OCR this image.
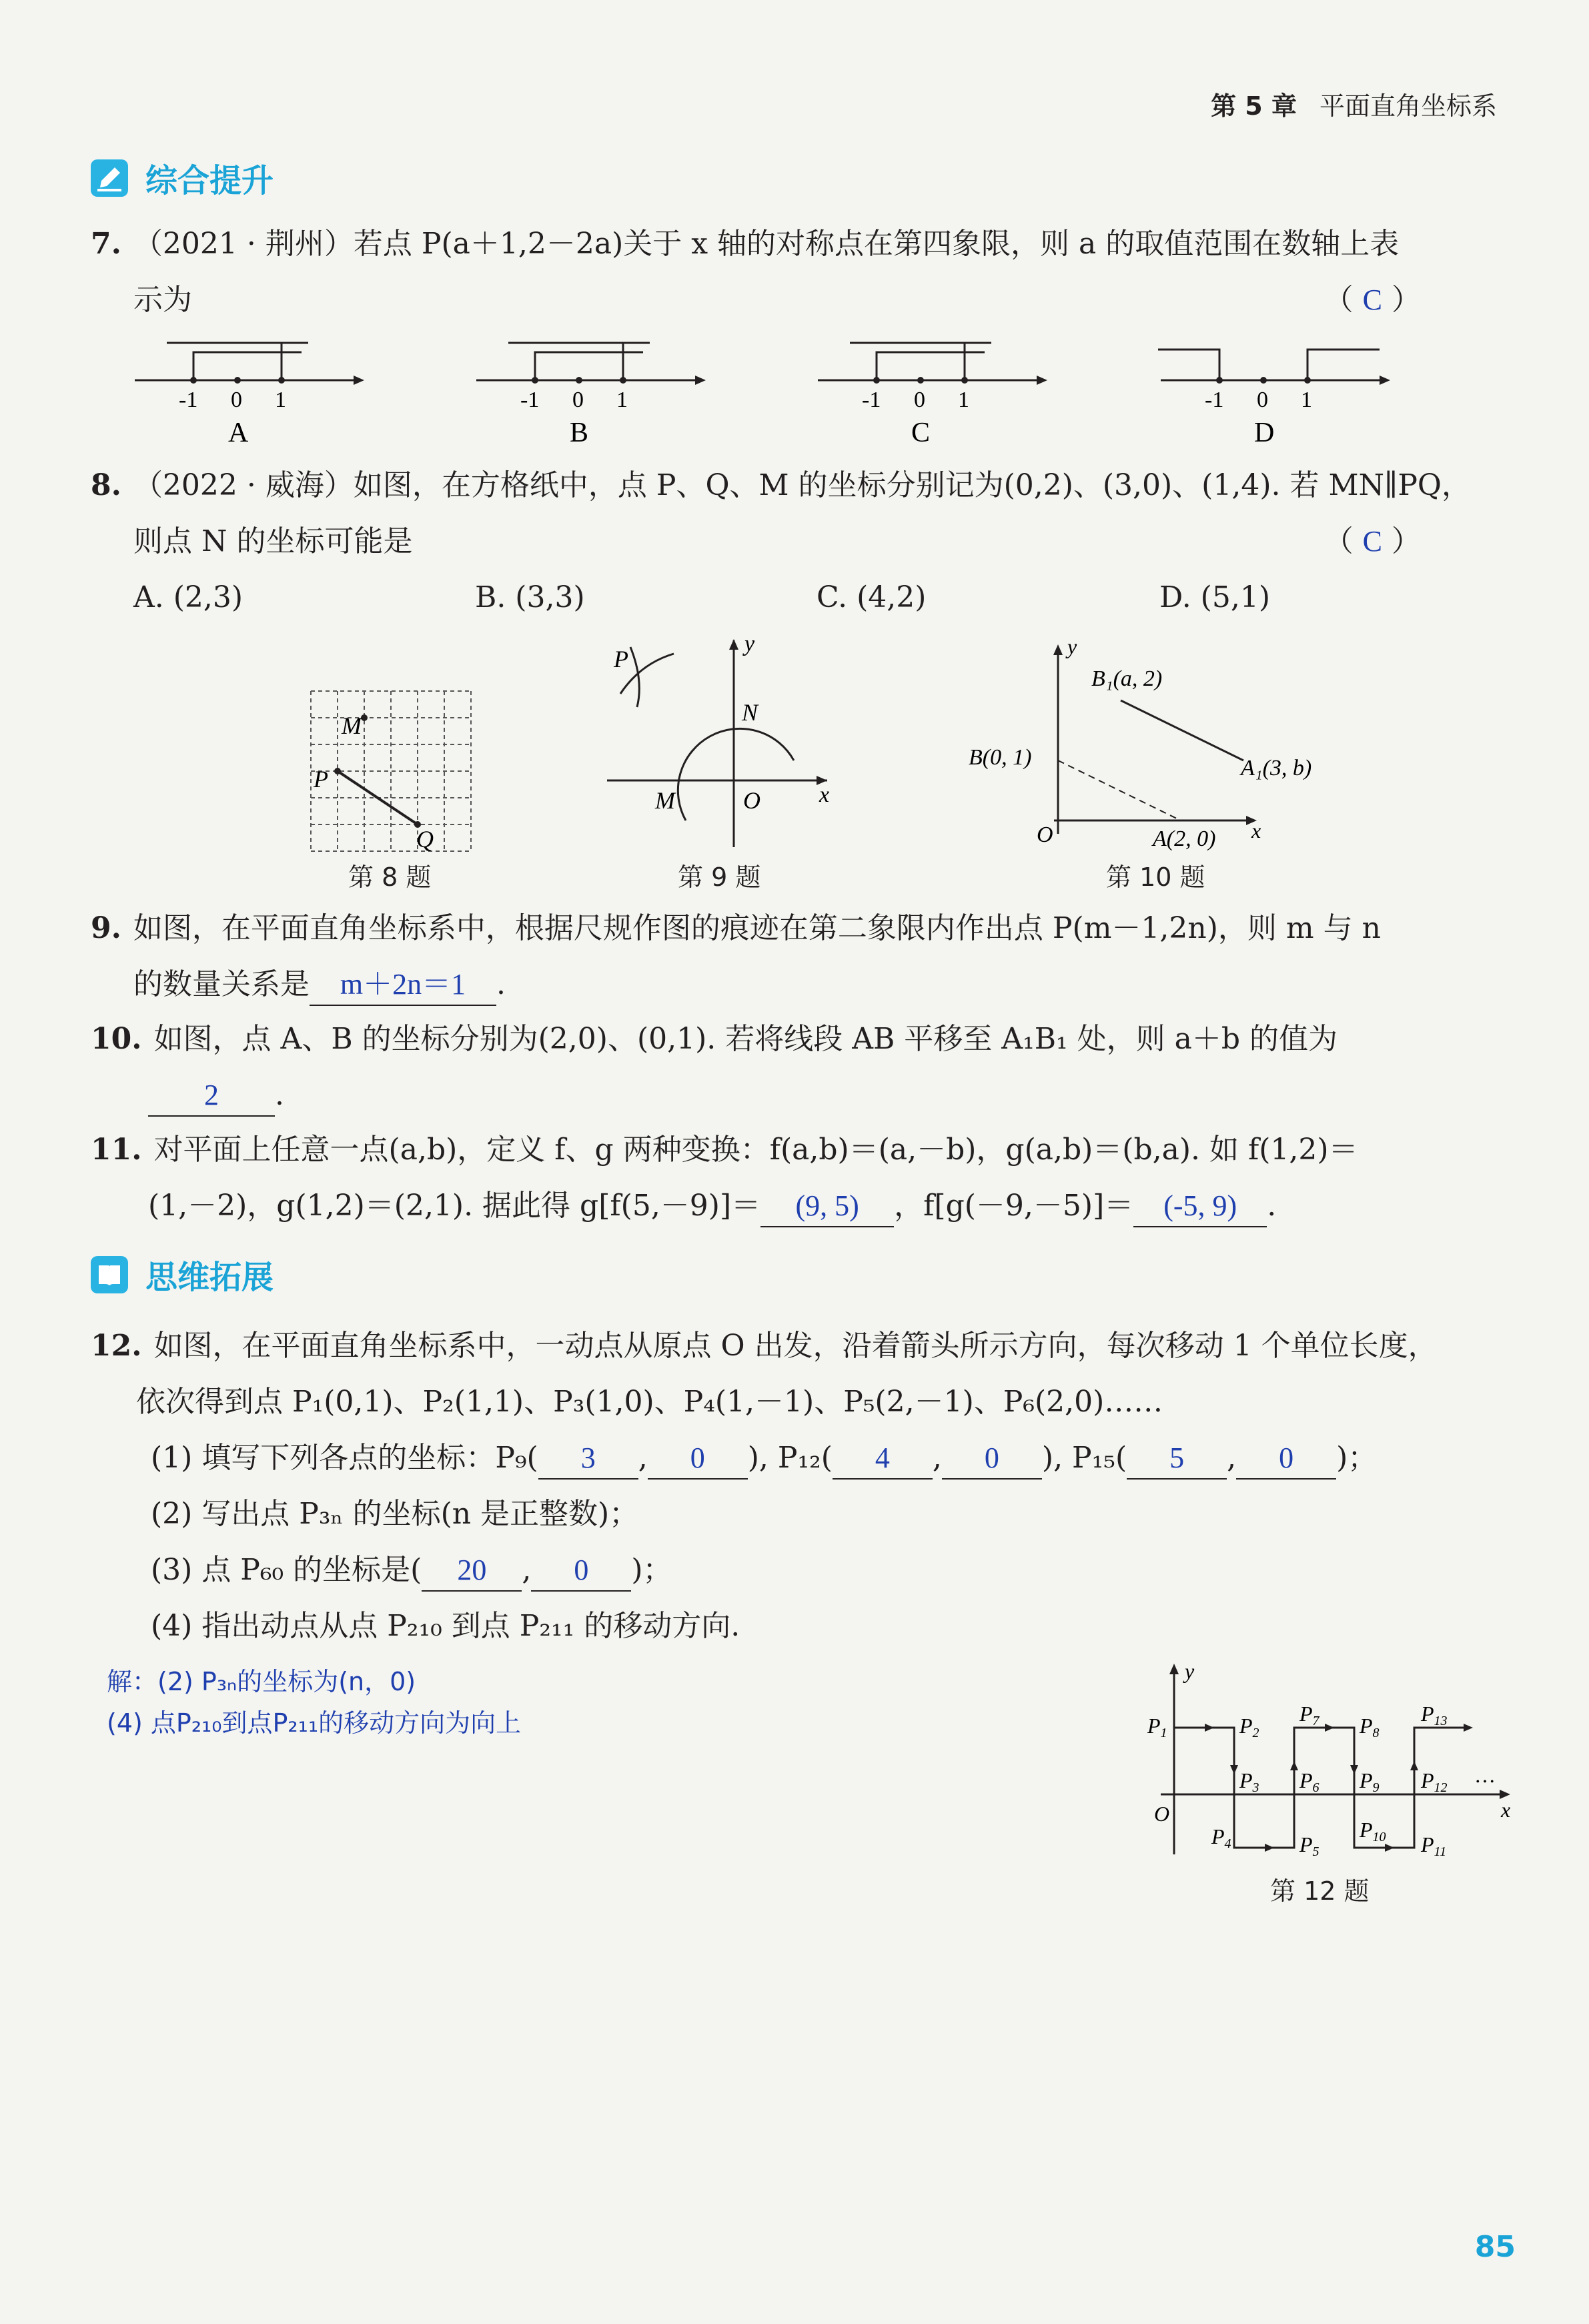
第 5 章 平面直角坐标系
综合提升
7. （2021 · 荆州）若点 P(a＋1,2－2a)关于 x 轴的对称点在第四象限，则 a 的取值范围在数轴上表
示为	（ C ）
-1 0 1
A
-1 0 1
B
-1 0 1
C
-1 0 1
D
8. （2022 · 威海）如图，在方格纸中，点 P、Q、M 的坐标分别记为(0,2)、(3,0)、(1,4). 若 MN∥PQ，
则点 N 的坐标可能是	（ C ）
A. (2,3)	B. (3,3)	C. (4,2)	D. (5,1)
M
P
Q
第 8 题
P
N
M	O	x
y
第 9 题
B₁(a, 2)
B(0, 1)	A₁(3, b)
A(2, 0)
O	x
y
第 10 题
9. 如图，在平面直角坐标系中，根据尺规作图的痕迹在第二象限内作出点 P(m－1,2n)，则 m 与 n
的数量关系是 m＋2n＝1 .
10. 如图，点 A、B 的坐标分别为(2,0)、(0,1). 若将线段 AB 平移至 A₁B₁ 处，则 a＋b 的值为
2 .
11. 对平面上任意一点(a,b)，定义 f、g 两种变换：f(a,b)＝(a,－b)，g(a,b)＝(b,a). 如 f(1,2)＝
(1,－2)，g(1,2)＝(2,1). 据此得 g[f(5,－9)]＝ (9, 5) ，f[g(－9,－5)]＝ (-5, 9) .
思维拓展
12. 如图，在平面直角坐标系中，一动点从原点 O 出发，沿着箭头所示方向，每次移动 1 个单位长度，
依次得到点 P₁(0,1)、P₂(1,1)、P₃(1,0)、P₄(1,－1)、P₅(2,－1)、P₆(2,0)……
(1) 填写下列各点的坐标：P₉( 3 , 0 ), P₁₂( 4 , 0 ), P₁₅( 5 , 0 )；
(2) 写出点 P₃ₙ 的坐标(n 是正整数)；
(3) 点 P₆₀ 的坐标是( 20 , 0 )；
(4) 指出动点从点 P₂₁₀ 到点 P₂₁₁ 的移动方向.
解：(2) P₃ₙ的坐标为(n，0)
(4) 点P₂₁₀到点P₂₁₁的移动方向为向上	P1	P2
P3
P4	P5
P6
P7 P8
P9
P10 P11
P12
P13
O	x
y
…
第 12 题
85
